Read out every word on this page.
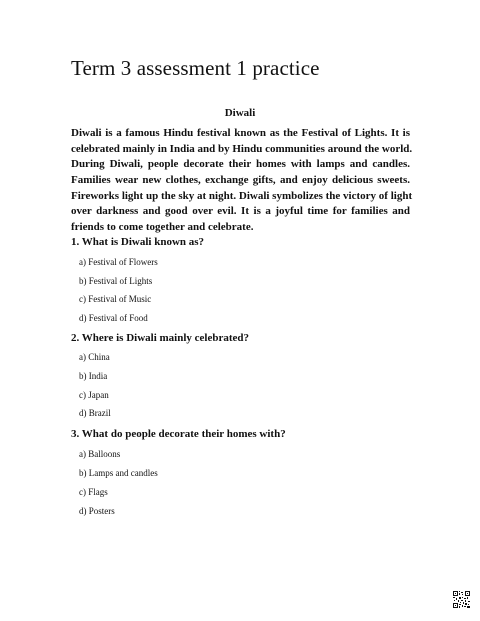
Term 3 assessment 1 practice
Diwali
Diwali is a famous Hindu festival known as the Festival of Lights. It is
celebrated mainly in India and by Hindu communities around the world.
During Diwali, people decorate their homes with lamps and candles.
Families wear new clothes, exchange gifts, and enjoy delicious sweets.
Fireworks light up the sky at night. Diwali symbolizes the victory of light
over darkness and good over evil. It is a joyful time for families and
friends to come together and celebrate.
1. What is Diwali known as?
a) Festival of Flowers
b) Festival of Lights
c) Festival of Music
d) Festival of Food
2. Where is Diwali mainly celebrated?
a) China
b) India
c) Japan
d) Brazil
3. What do people decorate their homes with?
a) Balloons
b) Lamps and candles
c) Flags
d) Posters
